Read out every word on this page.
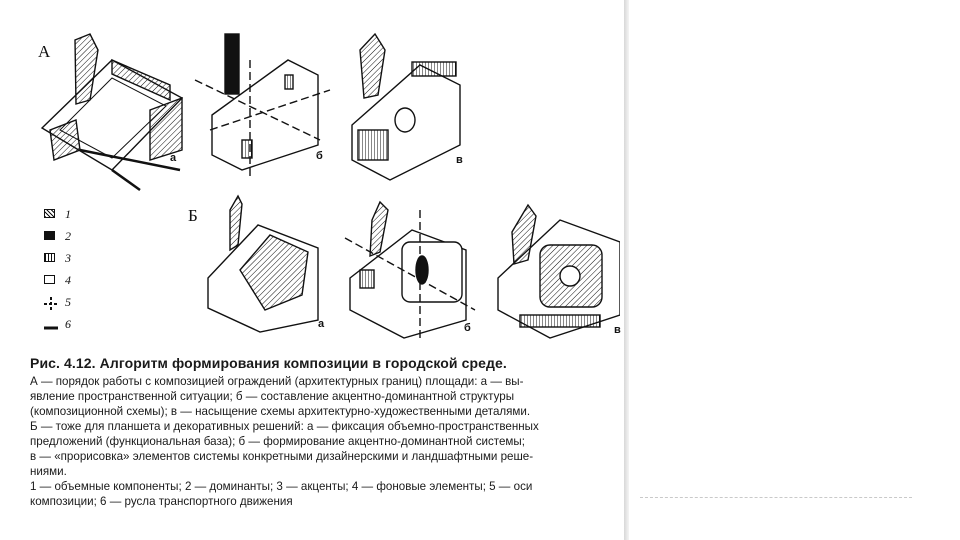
А
Б
а	б	в
а	б	в
1
2
3
4
5
6
Рис. 4.12. Алгоритм формирования композиции в городской среде.
А — порядок работы с композицией ограждений (архитектурных границ) площади: а — вы-
явление пространственной ситуации; б — составление акцентно-доминантной структуры
(композиционной схемы); в — насыщение схемы архитектурно-художественными деталями.
Б — тоже для планшета и декоративных решений: а — фиксация объемно-пространственных
предложений (функциональная база); б — формирование акцентно-доминантной системы;
в — «прорисовка» элементов системы конкретными дизайнерскими и ландшафтными реше-
ниями.
1 — объемные компоненты; 2 — доминанты; 3 — акценты; 4 — фоновые элементы; 5 — оси
композиции; 6 — русла транспортного движения
